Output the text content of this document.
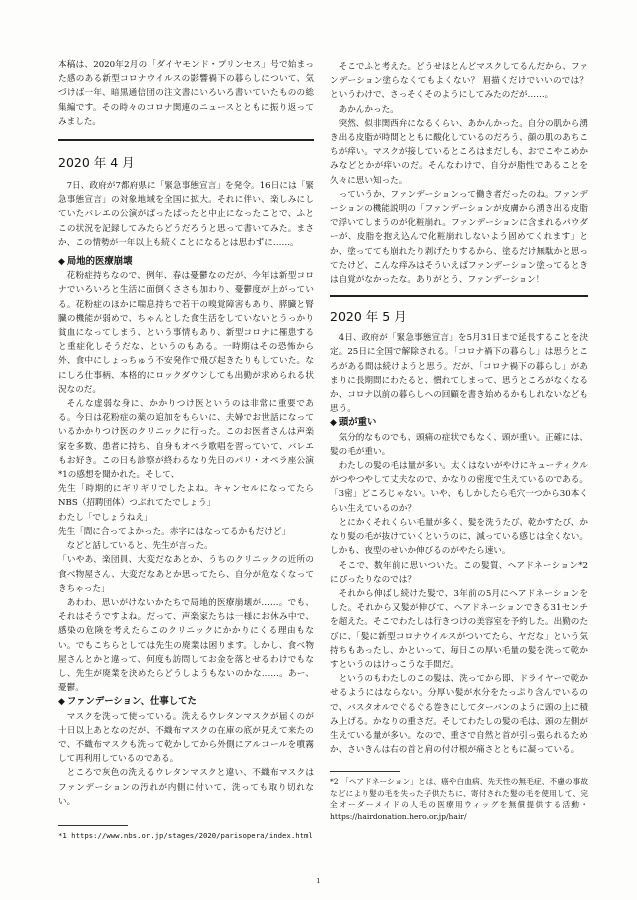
本稿は、2020年2月の「ダイヤモンド・プリンセス」号で始まった感のある新型コロナウイルスの影響禍下の暮らしについて、気づけば一年、暗黒通信団の注文書にいろいろ書いていたものの総集編です。その時々のコロナ関連のニュースとともに振り返ってみました。

2020 年 4 月

7日、政府が7都府県に「緊急事態宣言」を発令。16日には「緊急事態宣言」の対象地域を全国に拡大。それに伴い、楽しみにしていたバレエの公演がぱったぱったと中止になったことで、ふとこの状況を記録してみたらどうだろうと思って書いてみた。まさか、この情勢が一年以上も続くことになるとは思わずに……。

◆ 局地的医療崩壊

花粉症持ちなので、例年、春は憂鬱なのだが、今年は新型コロナでいろいろと生活に面倒くささも加わり、憂鬱度が上がっている。花粉症のほかに喘息持ちで若干の嗅覚障害もあり、膵臓と腎臓の機能が弱めで、ちゃんとした食生活をしていないとうっかり貧血になってしまう、という事情もあり、新型コロナに罹患すると重症化しそうだな、というのもある。一時期はその恐怖から外、食中にしょっちゅう不安発作で飛び起きたりもしていた。なにしろ仕事柄、本格的にロックダウンしても出勤が求められる状況なのだ。

そんな虚弱な身に、かかりつけ医というのは非常に重要である。今日は花粉症の薬の追加をもらいに、夫婦でお世話になっているかかりつけ医のクリニックに行った。このお医者さんは声楽家を多数、患者に持ち、自身もオペラ歌唱を習っていて、バレエもお好き。この日も診察が終わるなり先日のパリ・オペラ座公演*1の感想を聞かれた。そして、

先生「時期的にギリギリでしたよね。キャンセルになってたらNBS（招聘団体）つぶれてたでしょう」

わたし「でしょうねえ」

先生「間に合ってよかった。赤字にはなってるかもだけど」

などと話していると、先生が言った。

「いやあ、楽団員、大変だなあとか、うちのクリニックの近所の食べ物屋さん、大変だなあとか思ってたら、自分が危なくなってきちゃった」

あわわ、思いがけないかたちで局地的医療崩壊が……。でも、それはそうですよね。だって、声楽家たちは一様にお休み中で、感染の危険を考えたらこのクリニックにかかりにくる理由もない。でもこちらとしては先生の廃業は困ります。しかし、食べ物屋さんとかと違って、何度も訪問してお金を落とせるわけでもなし、先生が廃業を決めたらどうしようもないのかな……。あー、憂鬱。

◆ ファンデーション、仕事してた

マスクを洗って使っている。洗えるウレタンマスクが届くのが十日以上あとなのだが、不織布マスクの在庫の底が見えて来たので、不織布マスクも洗って乾かしてから外側にアルコールを噴霧して再利用しているのである。

ところで灰色の洗えるウレタンマスクと違い、不織布マスクはファンデーションの汚れが内側に付いて、洗っても取り切れない。

*1 https://www.nbs.or.jp/stages/2020/parisopera/index.html

そこでふと考えた。どうせほとんどマスクしてるんだから、ファンデーション塗らなくてもよくない？ 眉描くだけでいいのでは？ というわけで、さっそくそのようにしてみたのだが……。

あかんかった。

突然、似非関西弁になるくらい、あかんかった。自分の肌から湧き出る皮脂が時間とともに酸化しているのだろう、顔の肌のあちこちが痒い。マスクが接しているところはまだしも、おでこやこめかみなどとかが痒いのだ。そんなわけで、自分が脂性であることを久々に思い知った。

っていうか、ファンデーションって働き者だったのね。ファンデーションの機能説明の「ファンデーションが皮膚から湧き出る皮脂で浮いてしまうのが化粧崩れ。ファンデーションに含まれるパウダーが、皮脂を抱え込んで化粧崩れしないよう固めてくれます」とか、塗ってても崩れたり剥げたりするから、塗るだけ無駄かと思ってたけど、こんな痒みはそういえばファンデーション塗ってるときは自覚がなかったな。ありがとう、ファンデーション！

2020 年 5 月

4日、政府が「緊急事態宣言」を5月31日まで延長することを決定。25日に全国で解除される。「コロナ禍下の暮らし」は思うところがある間は続けようと思う。だが、「コロナ禍下の暮らし」があまりに長期間にわたると、慣れてしまって、思うところがなくなるか、コロナ以前の暮らしへの回顧を書き始めるかもしれないなども思う。

◆ 頭が重い

気分的なものでも、頭痛の症状でもなく、頭が重い。正確には、髪の毛が重い。

わたしの髪の毛は量が多い。太くはないがやけにキューティクルがつやつやして丈夫なので、かなりの密度で生えているのである。「3密」どころじゃない。いや、もしかしたら毛穴一つから30本くらい生えているのか？

とにかくそれくらい毛量が多く、髪を洗うたび、乾かすたび、かなり髪の毛が抜けていくというのに、減っている感じは全くない。しかも、夜型のせいか伸びるのがやたら速い。

そこで、数年前に思いついた。この髪質、ヘアドネーション*2にぴったりなのでは？

それから伸ばし続けた髪で、3年前の5月にヘアドネーションをした。それから又髪が伸びて、ヘアドネーションできる31センチを超えた。そこでわたしは行きつけの美容室を予約した。出勤のたびに、「髪に新型コロナウイルスがついてたら、ヤだな」という気持ちもあったし、かといって、毎日この厚い毛量の髪を洗って乾かすというのはけっこうな手間だ。

というのもわたしのこの髪は、洗ってから即、ドライヤーで乾かせるようにはならない。分厚い髪が水分をたっぷり含んでいるので、バスタオルでぐるぐる巻きにしてターバンのように頭の上に積み上げる。かなりの重さだ。そしてわたしの髪の毛は、頭の左側が生えている量が多い。なので、重さで自然と首が引っ張られるためか、さいきんは右の首と肩の付け根が痛さとともに凝っている。

*2 「ヘアドネーション」とは、癌や白血病、先天性の無毛症、不慮の事故などにより髪の毛を失った子供たちに、寄付された髪の毛を使用して、完全オーダーメイドの人毛の医療用ウィッグを無償提供する活動・https://hairdonation.hero.or.jp/hair/

1
